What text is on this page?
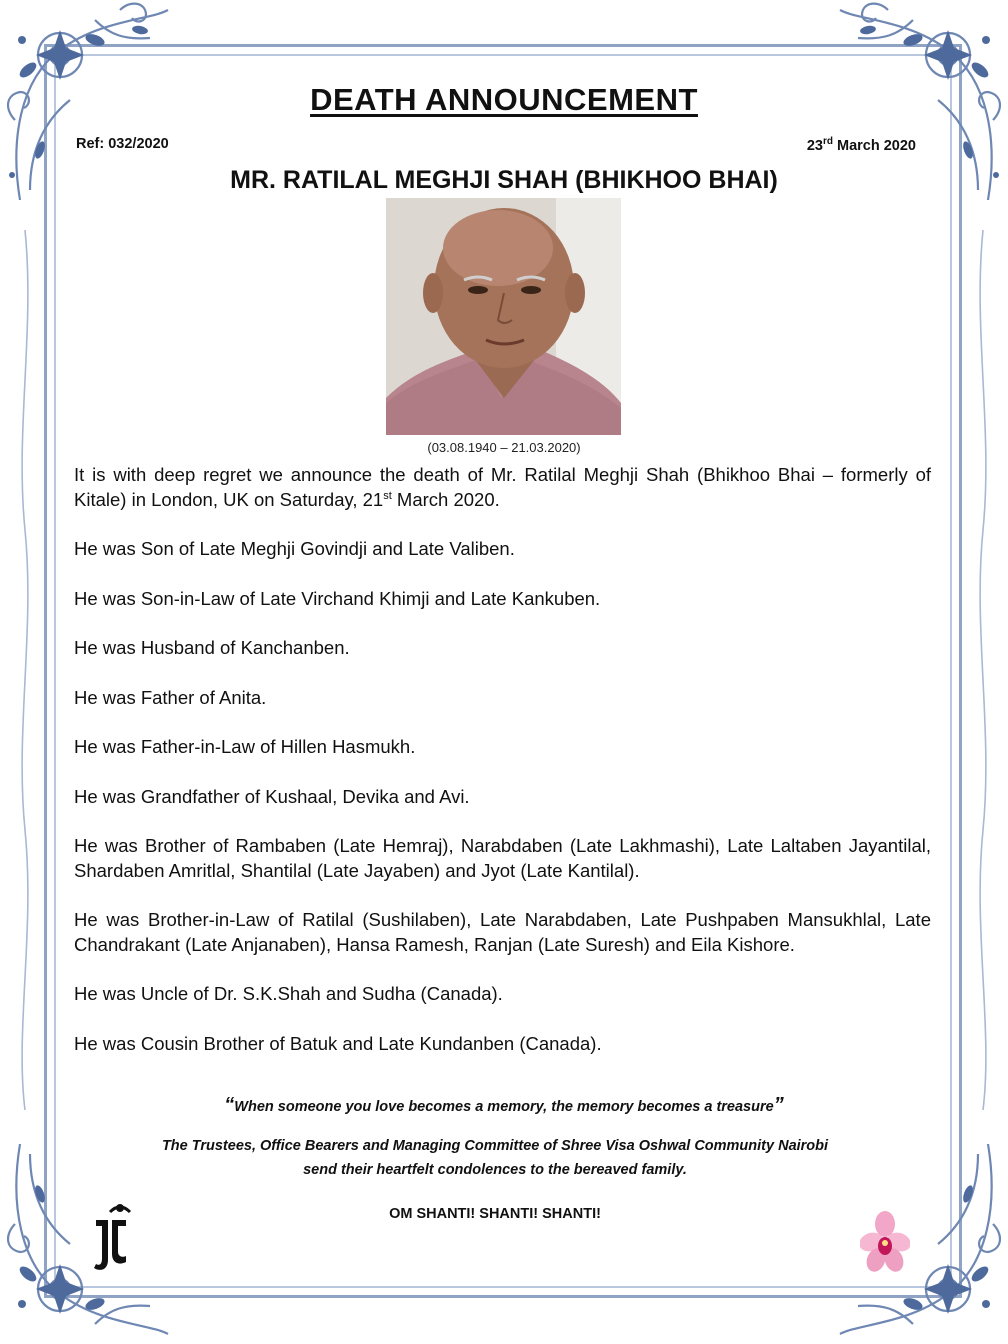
DEATH ANNOUNCEMENT
Ref: 032/2020	23rd March 2020
MR. RATILAL MEGHJI SHAH (BHIKHOO BHAI)
(03.08.1940 – 21.03.2020)

It is with deep regret we announce the death of Mr. Ratilal Meghji Shah (Bhikhoo Bhai – formerly of Kitale) in London, UK on Saturday, 21st March 2020.

He was Son of Late Meghji Govindji and Late Valiben.

He was Son-in-Law of Late Virchand Khimji and Late Kankuben.

He was Husband of Kanchanben.

He was Father of Anita.

He was Father-in-Law of Hillen Hasmukh.

He was Grandfather of Kushaal, Devika and Avi.

He was Brother of Rambaben (Late Hemraj), Narabdaben (Late Lakhmashi), Late Laltaben Jayantilal, Shardaben Amritlal, Shantilal (Late Jayaben) and Jyot (Late Kantilal).

He was Brother-in-Law of Ratilal (Sushilaben), Late Narabdaben, Late Pushpaben Mansukhlal, Late Chandrakant (Late Anjanaben), Hansa Ramesh, Ranjan (Late Suresh) and Eila Kishore.

He was Uncle of Dr. S.K.Shah and Sudha (Canada).

He was Cousin Brother of Batuk and Late Kundanben (Canada).

“When someone you love becomes a memory, the memory becomes a treasure”
The Trustees, Office Bearers and Managing Committee of Shree Visa Oshwal Community Nairobi
send their heartfelt condolences to the bereaved family.
OM SHANTI! SHANTI! SHANTI!
